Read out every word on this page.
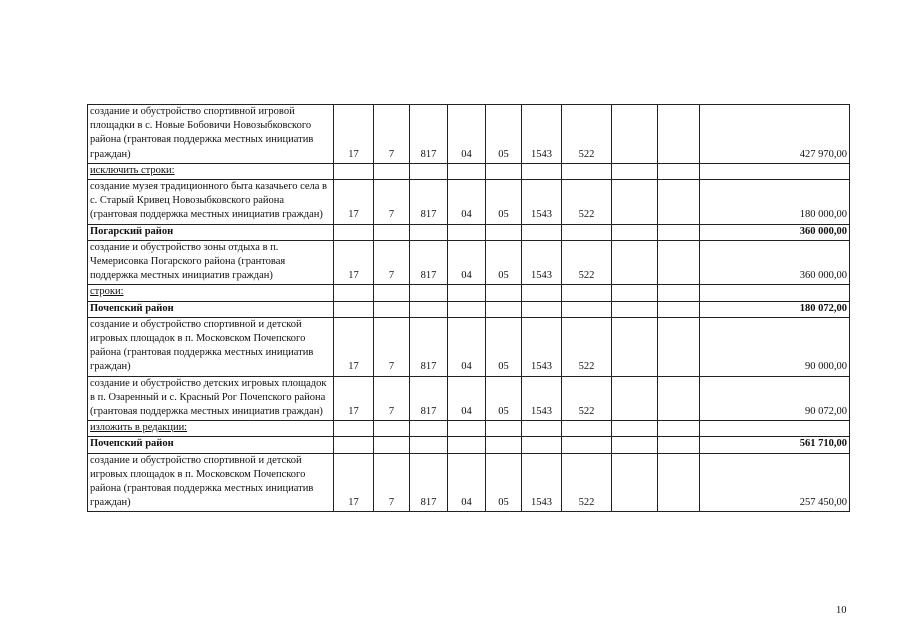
создание и обустройство спортивной игровой площадки в с. Новые Бобовичи Новозыбковского района (грантовая поддержка местных инициатив граждан)	17	7	817	04	05	1543	522			427 970,00
исключить строки:										
создание музея традиционного быта казачьего села в с. Старый Кривец Новозыбковского района (грантовая поддержка местных инициатив граждан)	17	7	817	04	05	1543	522			180 000,00
Погарский район										360 000,00
создание и обустройство зоны отдыха в п. Чемерисовка Погарского района (грантовая поддержка местных инициатив граждан)	17	7	817	04	05	1543	522			360 000,00
строки:										
Почепский район										180 072,00
создание и обустройство спортивной и детской игровых площадок в п. Московском Почепского района (грантовая поддержка местных инициатив граждан)	17	7	817	04	05	1543	522			90 000,00
создание и обустройство детских игровых площадок в п. Озаренный и с. Красный Рог Почепского района (грантовая поддержка местных инициатив граждан)	17	7	817	04	05	1543	522			90 072,00
изложить в редакции:										
Почепский район										561 710,00
создание и обустройство спортивной и детской игровых площадок в п. Московском Почепского района (грантовая поддержка местных инициатив граждан)	17	7	817	04	05	1543	522			257 450,00
10
